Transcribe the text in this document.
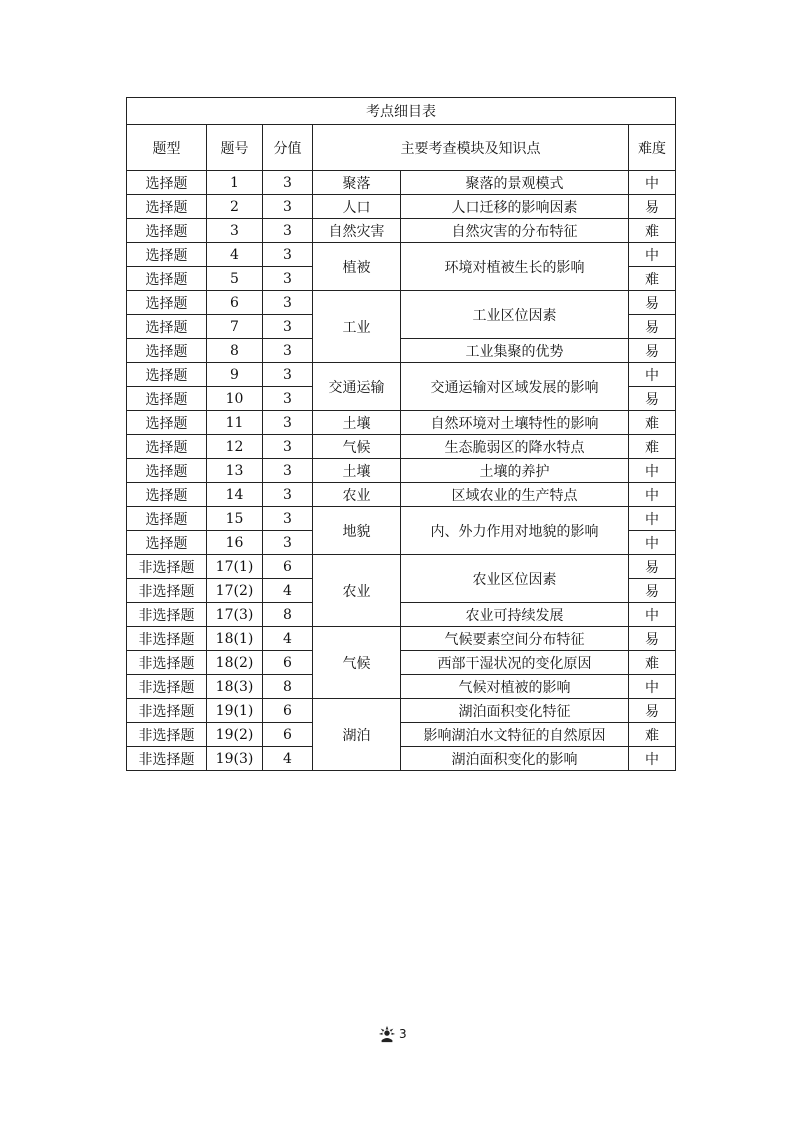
考点细目表					
题型	题号	分值	主要考查模块及知识点		难度
选择题	1	3	聚落	聚落的景观模式	中
选择题	2	3	人口	人口迁移的影响因素	易
选择题	3	3	自然灾害	自然灾害的分布特征	难
选择题	4	3	植被	环境对植被生长的影响	中
选择题	5	3			难
选择题	6	3	工业	工业区位因素	易
选择题	7	3			易
选择题	8	3		工业集聚的优势	易
选择题	9	3	交通运输	交通运输对区域发展的影响	中
选择题	10	3			易
选择题	11	3	土壤	自然环境对土壤特性的影响	难
选择题	12	3	气候	生态脆弱区的降水特点	难
选择题	13	3	土壤	土壤的养护	中
选择题	14	3	农业	区域农业的生产特点	中
选择题	15	3	地貌	内、外力作用对地貌的影响	中
选择题	16	3			中
非选择题	17(1)	6	农业	农业区位因素	易
非选择题	17(2)	4			易
非选择题	17(3)	8		农业可持续发展	中
非选择题	18(1)	4	气候	气候要素空间分布特征	易
非选择题	18(2)	6		西部干湿状况的变化原因	难
非选择题	18(3)	8		气候对植被的影响	中
非选择题	19(1)	6	湖泊	湖泊面积变化特征	易
非选择题	19(2)	6		影响湖泊水文特征的自然原因	难
非选择题	19(3)	4		湖泊面积变化的影响	中
3
